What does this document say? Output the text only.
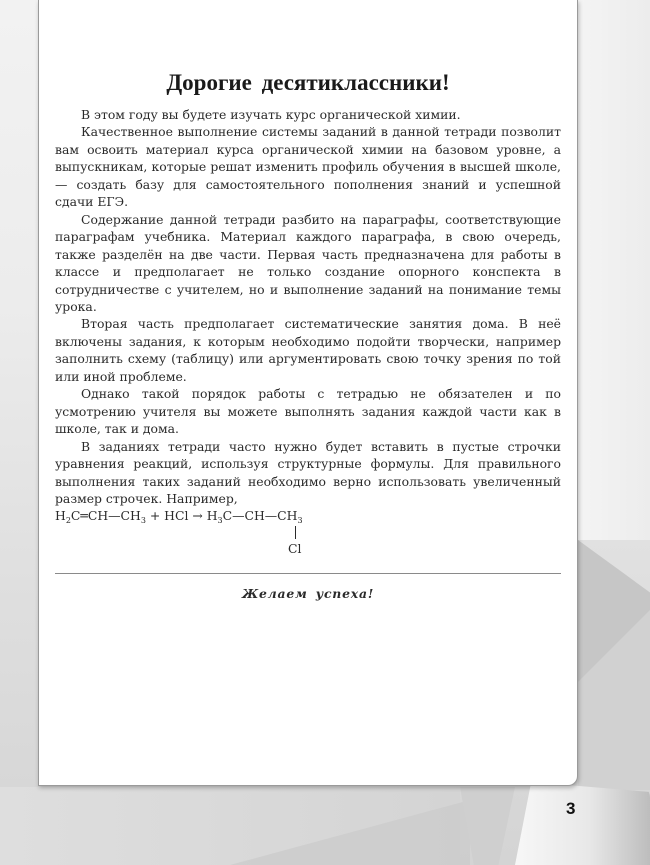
3
Дорогие десятиклассники!

В этом году вы будете изучать курс органической химии.

Качественное выполнение системы заданий в данной тетради позволит вам освоить материал курса органической химии на базовом уровне, а выпускникам, которые решат изменить профиль обучения в высшей школе, — создать базу для самостоятельного пополнения знаний и успешной сдачи ЕГЭ.

Содержание данной тетради разбито на параграфы, соответствующие параграфам учебника. Материал каждого параграфа, в свою очередь, также разделён на две части. Первая часть предназначена для работы в классе и предполагает не только создание опорного конспекта в сотрудничестве с учителем, но и выполнение заданий на понимание темы урока.

Вторая часть предполагает систематические занятия дома. В неё включены задания, к которым необходимо подойти творчески, например заполнить схему (таблицу) или аргументировать свою точку зрения по той или иной проблеме.

Однако такой порядок работы с тетрадью не обязателен и по усмотрению учителя вы можете выполнять задания каждой части как в школе, так и дома.

В заданиях тетради часто нужно будет вставить в пустые строчки уравнения реакций, используя структурные формулы. Для правильного выполнения таких заданий необходимо верно использовать увеличенный размер строчек. Например,

$H_2C═CH—CH_3$ + HCl → $H_3C—CH—CH_3$
Cl
Желаем успеха!
